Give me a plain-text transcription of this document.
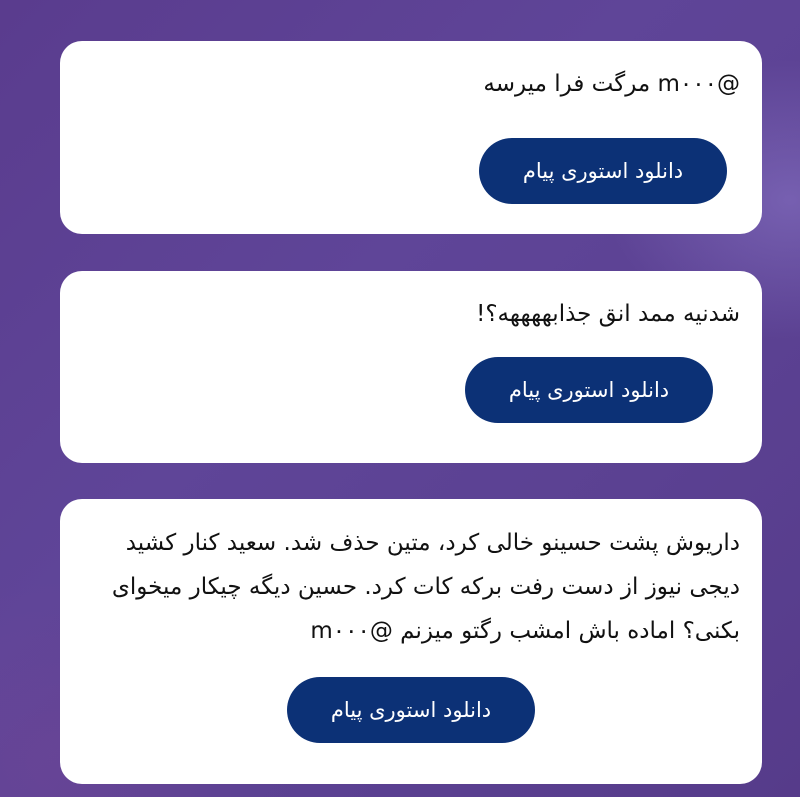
@m۰۰۰ مرگت فرا میرسه

دانلود استوری پیام

شدنیه ممد انق جذابههههه؟!

دانلود استوری پیام

داریوش پشت حسینو خالی کرد، متین حذف شد. سعید کنار کشید دیجی نیوز از دست رفت برکه کات کرد. حسین دیگه چیکار میخوای بکنی؟ اماده باش امشب رگتو میزنم @m۰۰۰

دانلود استوری پیام
